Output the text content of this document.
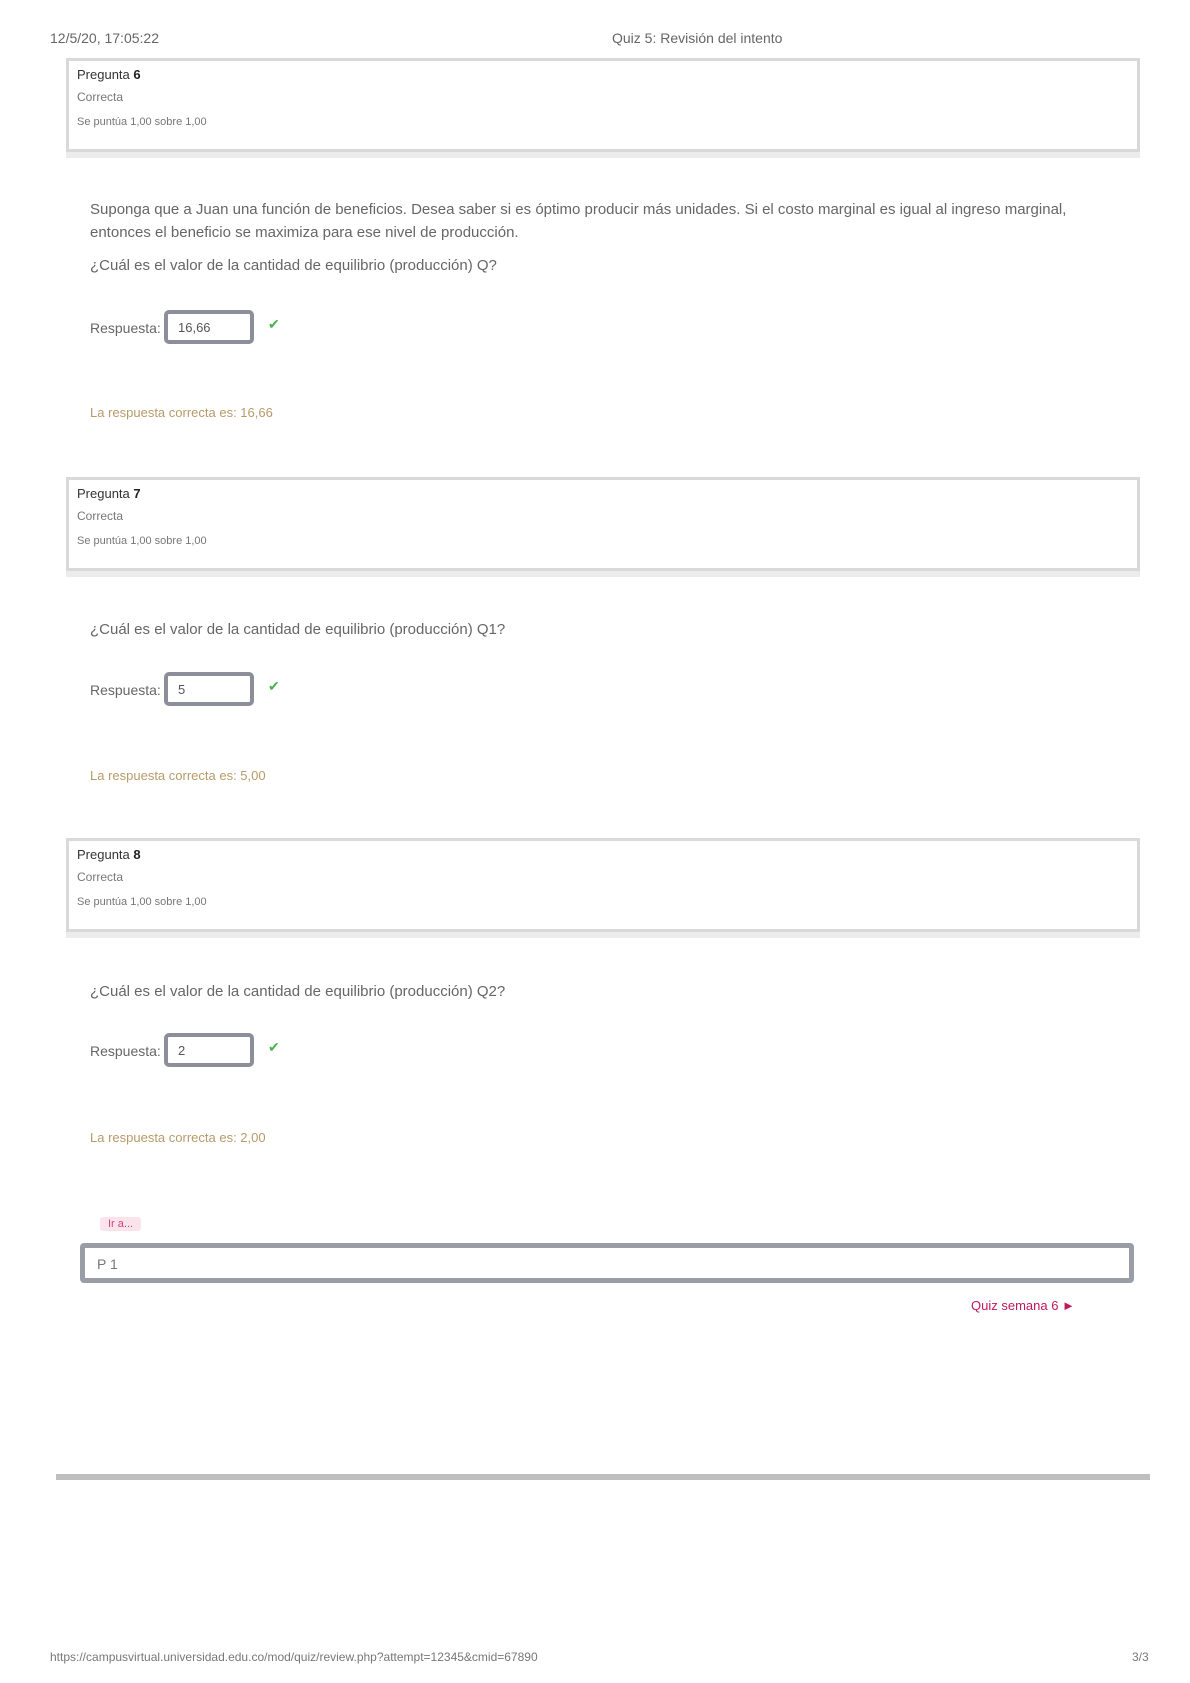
12/5/20, 17:05:22	Quiz 5: Revisión del intento
Pregunta 6
Correcta
Se puntúa 1,00 sobre 1,00
Suponga que a Juan una función de beneficios. Desea saber si es óptimo producir más unidades. Si el costo marginal es igual al ingreso marginal, entonces el beneficio se maximiza para ese nivel de producción.
¿Cuál es el valor de la cantidad de equilibrio (producción) Q?
Respuesta:	16,66	✔
La respuesta correcta es: 16,66
Pregunta 7
Correcta
Se puntúa 1,00 sobre 1,00
¿Cuál es el valor de la cantidad de equilibrio (producción) Q1?
Respuesta:	5	✔
La respuesta correcta es: 5,00
Pregunta 8
Correcta
Se puntúa 1,00 sobre 1,00
¿Cuál es el valor de la cantidad de equilibrio (producción) Q2?
Respuesta:	2	✔
La respuesta correcta es: 2,00
Ir a...
P 1
Quiz semana 6 ►
https://campusvirtual.universidad.edu.co/mod/quiz/review.php?attempt=12345&cmid=67890	3/3
